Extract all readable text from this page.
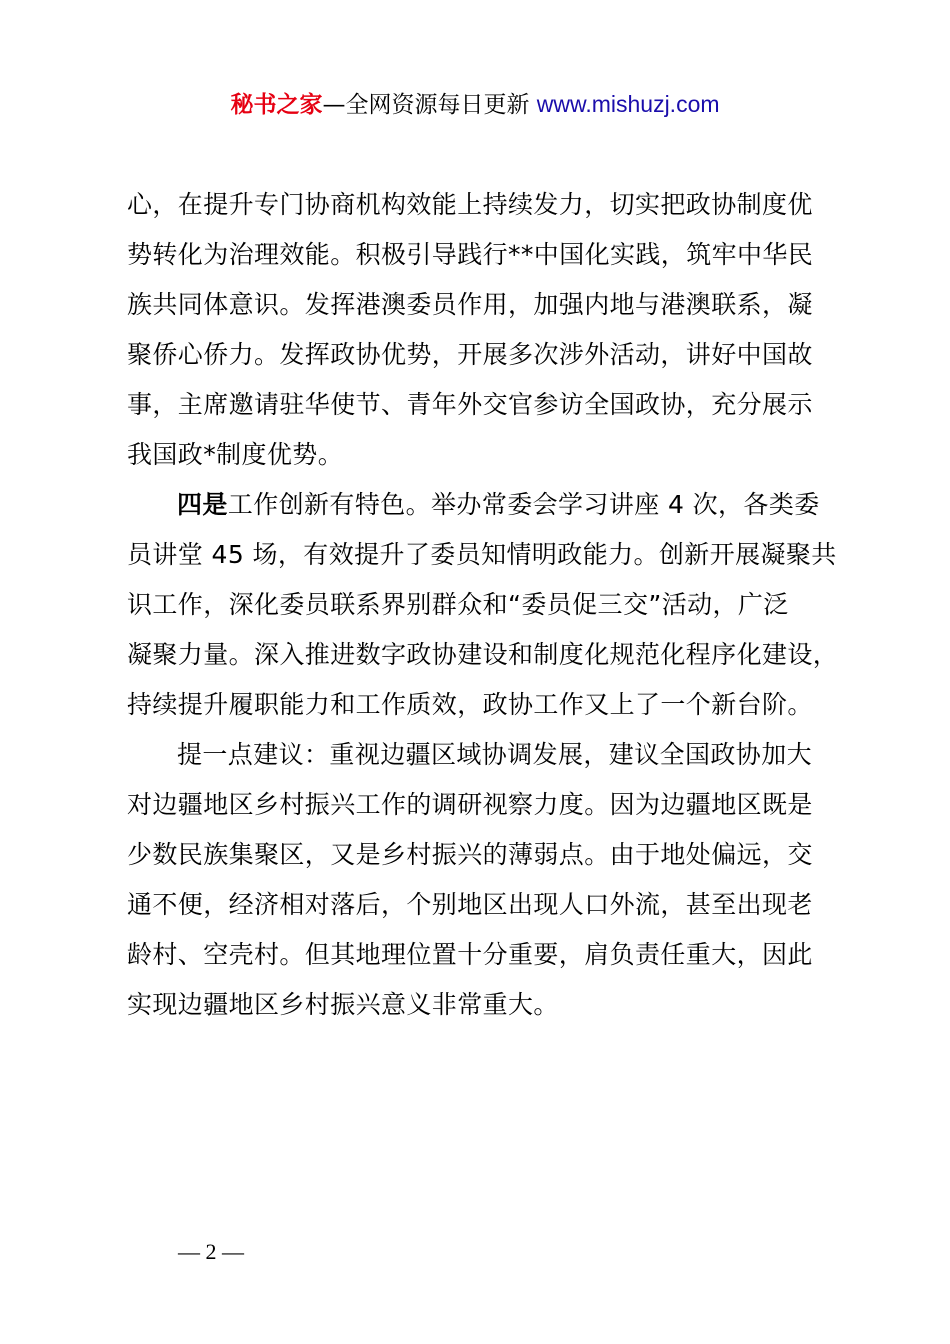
秘书之家—全网资源每日更新 www.mishuzj.com
心，在提升专门协商机构效能上持续发力，切实把政协制度优
势转化为治理效能。积极引导践行**中国化实践，筑牢中华民
族共同体意识。发挥港澳委员作用，加强内地与港澳联系，凝
聚侨心侨力。发挥政协优势，开展多次涉外活动，讲好中国故
事，主席邀请驻华使节、青年外交官参访全国政协，充分展示
我国政*制度优势。
四是工作创新有特色。举办常委会学习讲座 4 次，各类委
员讲堂 45 场，有效提升了委员知情明政能力。创新开展凝聚共
识工作，深化委员联系界别群众和“委员促三交”活动，广泛
凝聚力量。深入推进数字政协建设和制度化规范化程序化建设，
持续提升履职能力和工作质效，政协工作又上了一个新台阶。
提一点建议：重视边疆区域协调发展，建议全国政协加大
对边疆地区乡村振兴工作的调研视察力度。因为边疆地区既是
少数民族集聚区，又是乡村振兴的薄弱点。由于地处偏远，交
通不便，经济相对落后，个别地区出现人口外流，甚至出现老
龄村、空壳村。但其地理位置十分重要，肩负责任重大，因此
实现边疆地区乡村振兴意义非常重大。
— 2 —
